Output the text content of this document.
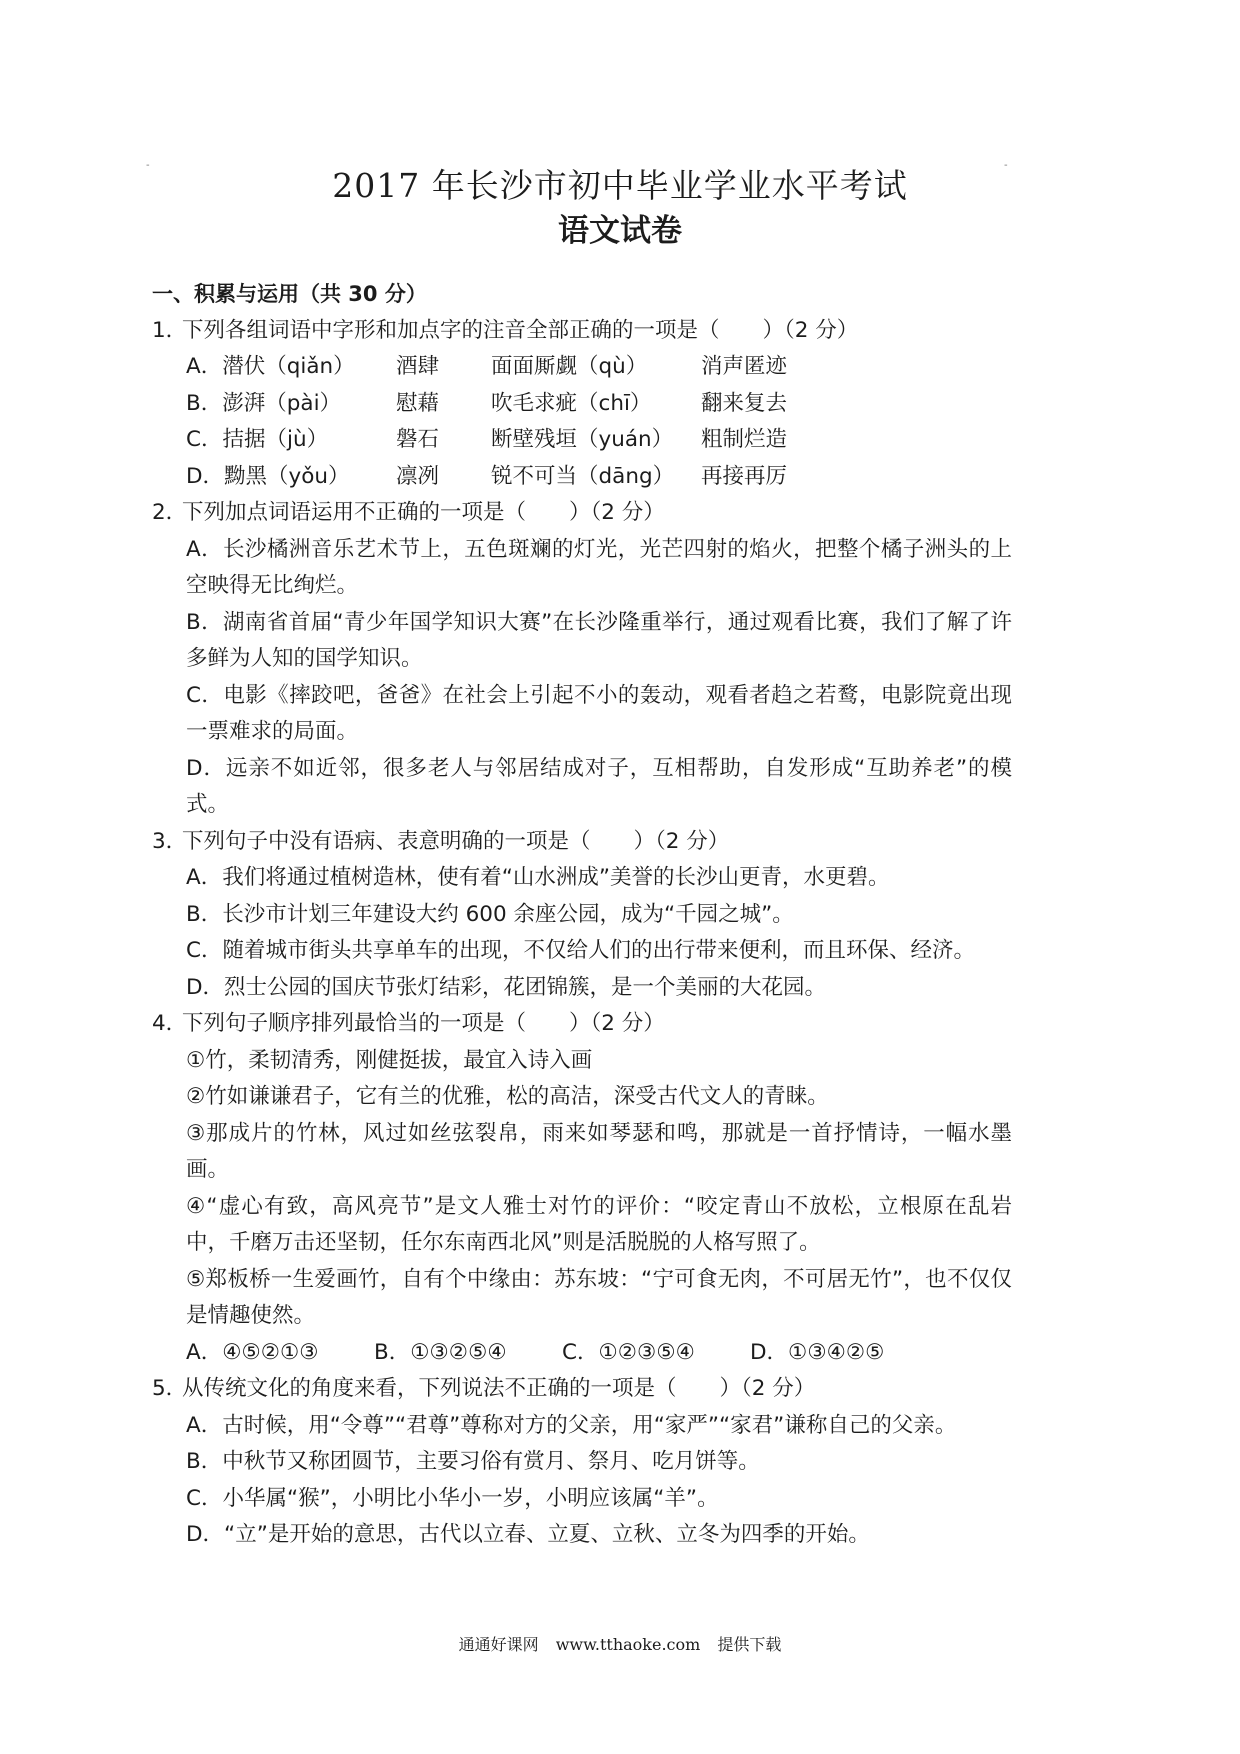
-	-
2017 年长沙市初中毕业学业水平考试
语文试卷
一、积累与运用（共 30 分）
1．下列各组词语中字形和加点字的注音全部正确的一项是（　　）（2 分）
A．潜伏（qiǎn）	酒肆	面面厮觑（qù）	消声匿迹
B．澎湃（pài）	慰藉	吹毛求疵（chī）	翻来复去
C．拮据（jù）	磐石	断壁残垣（yuán）	粗制烂造
D．黝黑（yǒu）	凛冽	锐不可当（dāng）	再接再厉
2．下列加点词语运用不正确的一项是（　　）（2 分）
A．长沙橘洲音乐艺术节上，五色斑斓的灯光，光芒四射的焰火，把整个橘子洲头的上空映得无比绚烂。
B．湖南省首届“青少年国学知识大赛”在长沙隆重举行，通过观看比赛，我们了解了许多鲜为人知的国学知识。
C．电影《摔跤吧，爸爸》在社会上引起不小的轰动，观看者趋之若鹜，电影院竟出现一票难求的局面。
D．远亲不如近邻，很多老人与邻居结成对子，互相帮助，自发形成“互助养老”的模式。
3．下列句子中没有语病、表意明确的一项是（　　）（2 分）
A．我们将通过植树造林，使有着“山水洲成”美誉的长沙山更青，水更碧。
B．长沙市计划三年建设大约 600 余座公园，成为“千园之城”。
C．随着城市街头共享单车的出现，不仅给人们的出行带来便利，而且环保、经济。
D．烈士公园的国庆节张灯结彩，花团锦簇，是一个美丽的大花园。
4．下列句子顺序排列最恰当的一项是（　　）（2 分）
①竹，柔韧清秀，刚健挺拔，最宜入诗入画
②竹如谦谦君子，它有兰的优雅，松的高洁，深受古代文人的青睐。
③那成片的竹林，风过如丝弦裂帛，雨来如琴瑟和鸣，那就是一首抒情诗，一幅水墨画。
④“虚心有致，高风亮节”是文人雅士对竹的评价：“咬定青山不放松，立根原在乱岩中，千磨万击还坚韧，任尔东南西北风”则是活脱脱的人格写照了。
⑤郑板桥一生爱画竹，自有个中缘由：苏东坡：“宁可食无肉，不可居无竹”，也不仅仅是情趣使然。
A．④⑤②①③	B．①③②⑤④	C．①②③⑤④	D．①③④②⑤
5．从传统文化的角度来看，下列说法不正确的一项是（　　）（2 分）
A．古时候，用“令尊”“君尊”尊称对方的父亲，用“家严”“家君”谦称自己的父亲。
B．中秋节又称团圆节，主要习俗有赏月、祭月、吃月饼等。
C．小华属“猴”，小明比小华小一岁，小明应该属“羊”。
D．“立”是开始的意思，古代以立春、立夏、立秋、立冬为四季的开始。
通通好课网 www.tthaoke.com 提供下载
